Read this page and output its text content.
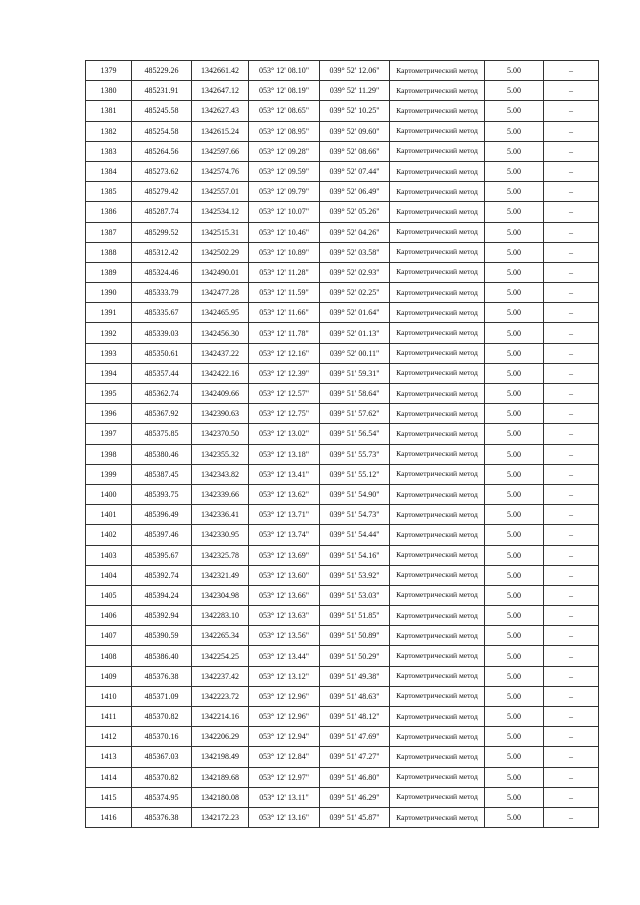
1379	485229.26	1342661.42	053° 12' 08.10"	039° 52' 12.06"	Картометрический метод	5.00	–
1380	485231.91	1342647.12	053° 12' 08.19"	039° 52' 11.29"	Картометрический метод	5.00	–
1381	485245.58	1342627.43	053° 12' 08.65"	039° 52' 10.25"	Картометрический метод	5.00	–
1382	485254.58	1342615.24	053° 12' 08.95"	039° 52' 09.60"	Картометрический метод	5.00	–
1383	485264.56	1342597.66	053° 12' 09.28"	039° 52' 08.66"	Картометрический метод	5.00	–
1384	485273.62	1342574.76	053° 12' 09.59"	039° 52' 07.44"	Картометрический метод	5.00	–
1385	485279.42	1342557.01	053° 12' 09.79"	039° 52' 06.49"	Картометрический метод	5.00	–
1386	485287.74	1342534.12	053° 12' 10.07"	039° 52' 05.26"	Картометрический метод	5.00	–
1387	485299.52	1342515.31	053° 12' 10.46"	039° 52' 04.26"	Картометрический метод	5.00	–
1388	485312.42	1342502.29	053° 12' 10.89"	039° 52' 03.58"	Картометрический метод	5.00	–
1389	485324.46	1342490.01	053° 12' 11.28"	039° 52' 02.93"	Картометрический метод	5.00	–
1390	485333.79	1342477.28	053° 12' 11.59"	039° 52' 02.25"	Картометрический метод	5.00	–
1391	485335.67	1342465.95	053° 12' 11.66"	039° 52' 01.64"	Картометрический метод	5.00	–
1392	485339.03	1342456.30	053° 12' 11.78"	039° 52' 01.13"	Картометрический метод	5.00	–
1393	485350.61	1342437.22	053° 12' 12.16"	039° 52' 00.11"	Картометрический метод	5.00	–
1394	485357.44	1342422.16	053° 12' 12.39"	039° 51' 59.31"	Картометрический метод	5.00	–
1395	485362.74	1342409.66	053° 12' 12.57"	039° 51' 58.64"	Картометрический метод	5.00	–
1396	485367.92	1342390.63	053° 12' 12.75"	039° 51' 57.62"	Картометрический метод	5.00	–
1397	485375.85	1342370.50	053° 12' 13.02"	039° 51' 56.54"	Картометрический метод	5.00	–
1398	485380.46	1342355.32	053° 12' 13.18"	039° 51' 55.73"	Картометрический метод	5.00	–
1399	485387.45	1342343.82	053° 12' 13.41"	039° 51' 55.12"	Картометрический метод	5.00	–
1400	485393.75	1342339.66	053° 12' 13.62"	039° 51' 54.90"	Картометрический метод	5.00	–
1401	485396.49	1342336.41	053° 12' 13.71"	039° 51' 54.73"	Картометрический метод	5.00	–
1402	485397.46	1342330.95	053° 12' 13.74"	039° 51' 54.44"	Картометрический метод	5.00	–
1403	485395.67	1342325.78	053° 12' 13.69"	039° 51' 54.16"	Картометрический метод	5.00	–
1404	485392.74	1342321.49	053° 12' 13.60"	039° 51' 53.92"	Картометрический метод	5.00	–
1405	485394.24	1342304.98	053° 12' 13.66"	039° 51' 53.03"	Картометрический метод	5.00	–
1406	485392.94	1342283.10	053° 12' 13.63"	039° 51' 51.85"	Картометрический метод	5.00	–
1407	485390.59	1342265.34	053° 12' 13.56"	039° 51' 50.89"	Картометрический метод	5.00	–
1408	485386.40	1342254.25	053° 12' 13.44"	039° 51' 50.29"	Картометрический метод	5.00	–
1409	485376.38	1342237.42	053° 12' 13.12"	039° 51' 49.38"	Картометрический метод	5.00	–
1410	485371.09	1342223.72	053° 12' 12.96"	039° 51' 48.63"	Картометрический метод	5.00	–
1411	485370.82	1342214.16	053° 12' 12.96"	039° 51' 48.12"	Картометрический метод	5.00	–
1412	485370.16	1342206.29	053° 12' 12.94"	039° 51' 47.69"	Картометрический метод	5.00	–
1413	485367.03	1342198.49	053° 12' 12.84"	039° 51' 47.27"	Картометрический метод	5.00	–
1414	485370.82	1342189.68	053° 12' 12.97"	039° 51' 46.80"	Картометрический метод	5.00	–
1415	485374.95	1342180.08	053° 12' 13.11"	039° 51' 46.29"	Картометрический метод	5.00	–
1416	485376.38	1342172.23	053° 12' 13.16"	039° 51' 45.87"	Картометрический метод	5.00	–
